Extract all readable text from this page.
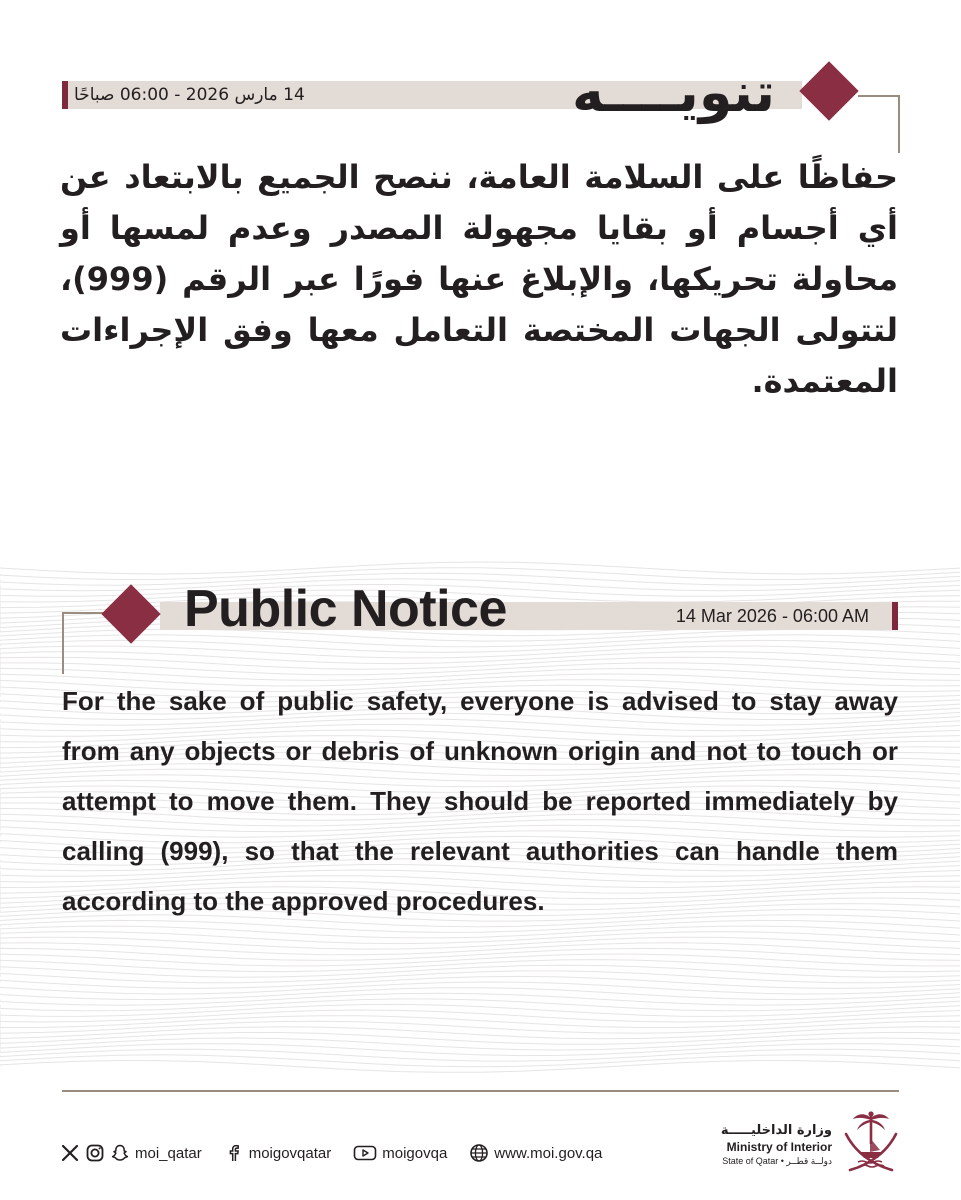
14 مارس 2026 - 06:00 صباحًا	تنويــــه
حفاظًا على السلامة العامة، ننصح الجميع بالابتعاد عن أي أجسام أو بقايا مجهولة المصدر وعدم لمسها أو محاولة تحريكها، والإبلاغ عنها فورًا عبر الرقم (999)، لتتولى الجهات المختصة التعامل معها وفق الإجراءات المعتمدة.
Public Notice	14 Mar 2026 - 06:00 AM
For the sake of public safety, everyone is advised to stay away from any objects or debris of unknown origin and not to touch or attempt to move them. They should be reported immediately by calling (999), so that the relevant authorities can handle them according to the approved procedures.
moi_qatar	moigovqatar	moigovqa	www.moi.gov.qa
وزارة الداخليـــــة
Ministry of Interior
State of Qatar • دولــة قطــر
